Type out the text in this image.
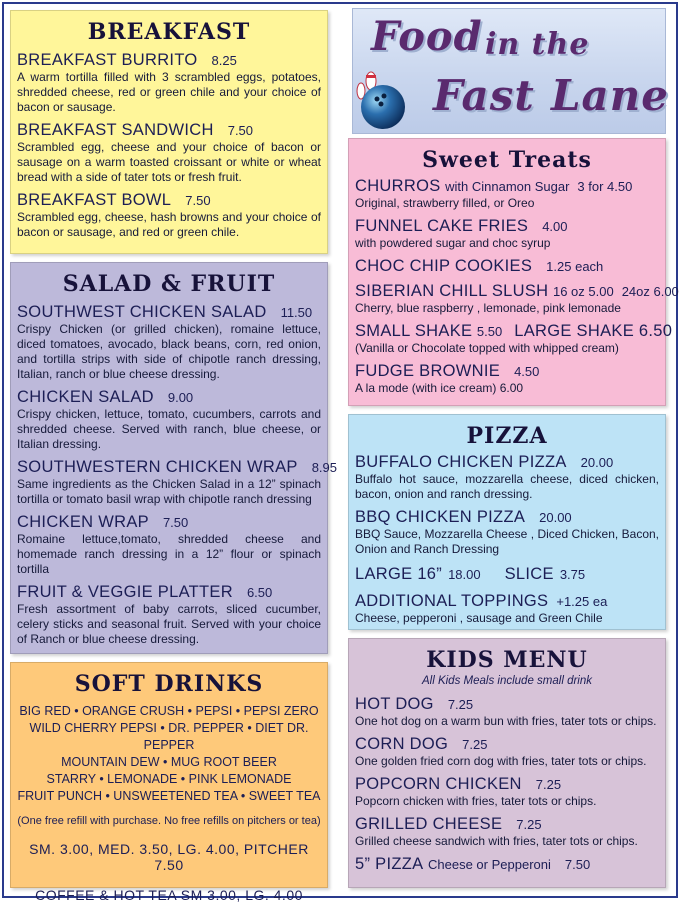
BREAKFAST
BREAKFAST BURRITO 8.25
A warm tortilla filled with 3 scrambled eggs, potatoes, shredded cheese, red or green chile and your choice of bacon or sausage.
BREAKFAST SANDWICH 7.50
Scrambled egg, cheese and your choice of bacon or sausage on a warm toasted croissant or white or wheat bread with a side of tater tots or fresh fruit.
BREAKFAST BOWL 7.50
Scrambled egg, cheese, hash browns and your choice of bacon or sausage, and red or green chile.
SALAD & FRUIT
SOUTHWEST CHICKEN SALAD 11.50
Crispy Chicken (or grilled chicken), romaine lettuce, diced tomatoes, avocado, black beans, corn, red onion, and tortilla strips with side of chipotle ranch dressing, Italian, ranch or blue cheese dressing.
CHICKEN SALAD 9.00
Crispy chicken, lettuce, tomato, cucumbers, carrots and shredded cheese. Served with ranch, blue cheese, or Italian dressing.
SOUTHWESTERN CHICKEN WRAP 8.95
Same ingredients as the Chicken Salad in a 12” spinach tortilla or tomato basil wrap with chipotle ranch dressing
CHICKEN WRAP 7.50
Romaine lettuce,tomato, shredded cheese and homemade ranch dressing in a 12” flour or spinach tortilla
FRUIT & VEGGIE PLATTER 6.50
Fresh assortment of baby carrots, sliced cucumber, celery sticks and seasonal fruit. Served with your choice of Ranch or blue cheese dressing.
SOFT DRINKS
BIG RED • ORANGE CRUSH • PEPSI • PEPSI ZERO
WILD CHERRY PEPSI • DR. PEPPER • DIET DR. PEPPER
MOUNTAIN DEW • MUG ROOT BEER
STARRY • LEMONADE • PINK LEMONADE
FRUIT PUNCH • UNSWEETENED TEA • SWEET TEA
(One free refill with purchase. No free refills on pitchers or tea)
SM. 3.00, MED. 3.50, LG. 4.00, PITCHER 7.50
COFFEE & HOT TEA SM 3.00, LG. 4.00
Food in the
Fast Lane
Sweet Treats
CHURROS with Cinnamon Sugar 3 for 4.50
Original, strawberry filled, or Oreo
FUNNEL CAKE FRIES 4.00
with powdered sugar and choc syrup
CHOC CHIP COOKIES 1.25 each
SIBERIAN CHILL SLUSH 16 oz 5.00 24oz 6.00
Cherry, blue raspberry , lemonade, pink lemonade
SMALL SHAKE 5.50 LARGE SHAKE 6.50
(Vanilla or Chocolate topped with whipped cream)
FUDGE BROWNIE 4.50
A la mode (with ice cream) 6.00
PIZZA
BUFFALO CHICKEN PIZZA 20.00
Buffalo hot sauce, mozzarella cheese, diced chicken, bacon, onion and ranch dressing.
BBQ CHICKEN PIZZA 20.00
BBQ Sauce, Mozzarella Cheese , Diced Chicken, Bacon, Onion and Ranch Dressing
LARGE 16” 18.00 SLICE 3.75
ADDITIONAL TOPPINGS +1.25 ea
Cheese, pepperoni , sausage and Green Chile
KIDS MENU
All Kids Meals include small drink
HOT DOG 7.25
One hot dog on a warm bun with fries, tater tots or chips.
CORN DOG 7.25
One golden fried corn dog with fries, tater tots or chips.
POPCORN CHICKEN 7.25
Popcorn chicken with fries, tater tots or chips.
GRILLED CHEESE 7.25
Grilled cheese sandwich with fries, tater tots or chips.
5” PIZZA Cheese or Pepperoni 7.50
